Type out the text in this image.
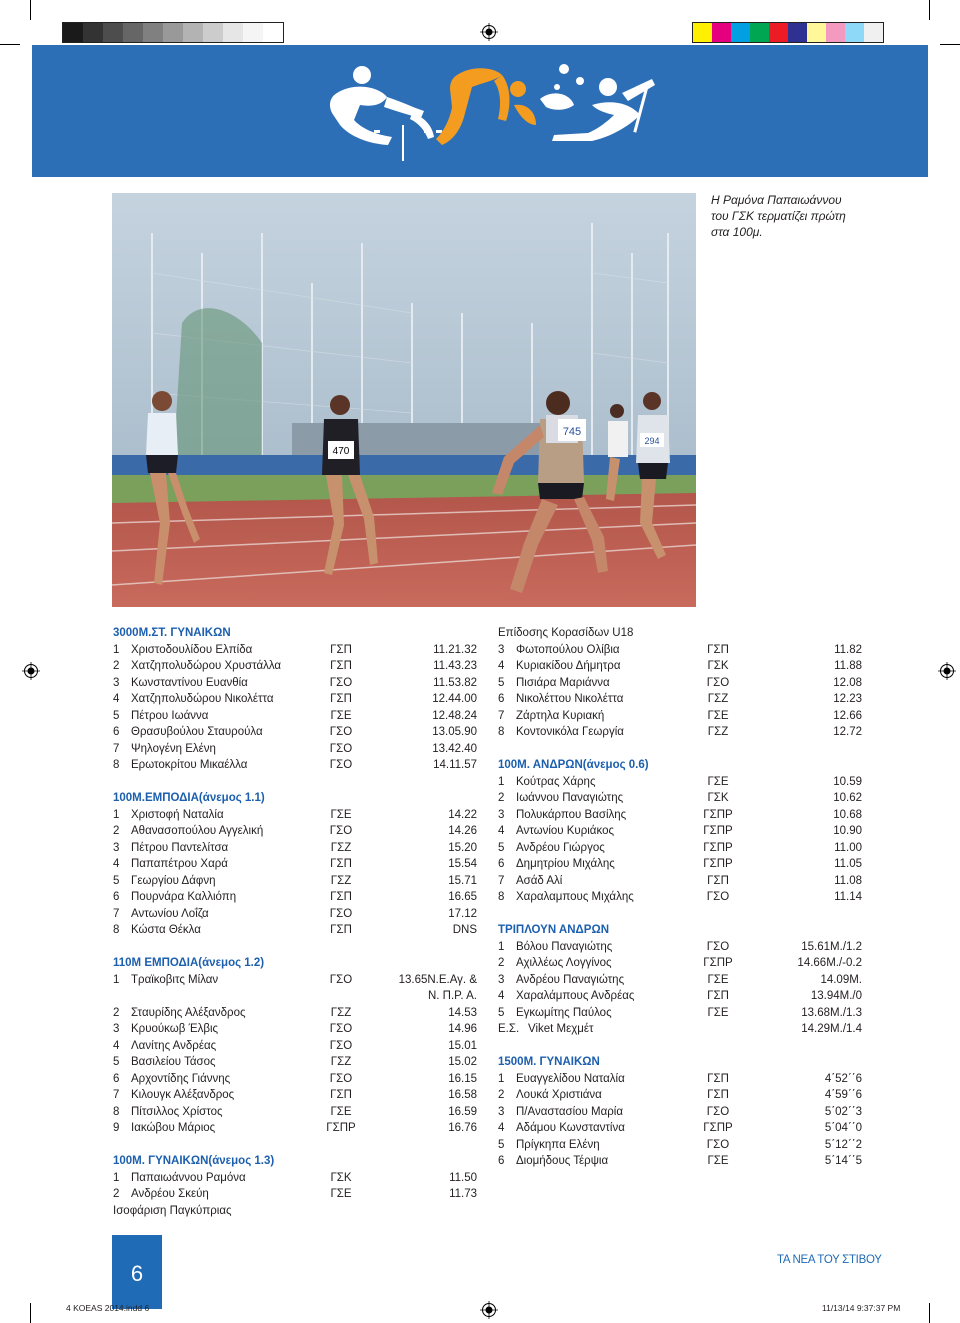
Η Ραμόνα Παπαιωάννου
του ΓΣΚ τερματίζει πρώτη
στα 100μ.
470
745
294
3000Μ.ΣΤ. ΓΥΝΑΙΚΩΝ
1 Χριστοδουλίδου Ελπίδα	ΓΣΠ	11.21.32
2 Χατζηπολυδώρου Χρυστάλλα	ΓΣΠ	11.43.23
3 Κωνσταντίνου Ευανθία	ΓΣΟ	11.53.82
4 Χατζηπολυδώρου Νικολέττα	ΓΣΠ	12.44.00
5 Πέτρου Ιωάννα	ΓΣΕ	12.48.24
6 Θρασυβούλου Σταυρούλα	ΓΣΟ	13.05.90
7 Ψηλογένη Ελένη	ΓΣΟ	13.42.40
8 Ερωτοκρίτου Μικαέλλα	ΓΣΟ	14.11.57
100Μ.ΕΜΠΟΔΙΑ(άνεμος 1.1)
1 Χριστοφή Ναταλία	ΓΣΕ	14.22
2 Αθανασοπούλου Αγγελική	ΓΣΟ	14.26
3 Πέτρου Παντελίτσα	ΓΣΖ	15.20
4 Παπαπέτρου Χαρά	ΓΣΠ	15.54
5 Γεωργίου Δάφνη	ΓΣΖ	15.71
6 Πουρνάρα Καλλιόπη	ΓΣΠ	16.65
7 Αντωνίου Λοΐζα	ΓΣΟ	17.12
8 Κώστα Θέκλα	ΓΣΠ	DNS
110Μ ΕΜΠΟΔΙΑ(άνεμος 1.2)
1 Τραϊκοβιτς Μίλαν	ΓΣΟ	13.65Ν.Ε.Αγ. &
Ν. Π.Ρ. Α.
2 Σταυρίδης Αλέξανδρος	ΓΣΖ	14.53
3 Κρυούκωβ Έλβις	ΓΣΟ	14.96
4 Λανίτης Ανδρέας	ΓΣΟ	15.01
5 Βασιλείου Τάσος	ΓΣΖ	15.02
6 Αρχοντίδης Γιάννης	ΓΣΟ	16.15
7 Κιλουγκ Αλέξανδρος	ΓΣΠ	16.58
8 Πίτσιλλος Χρίστος	ΓΣΕ	16.59
9 Ιακώβου Μάριος	ΓΣΠΡ	16.76
100Μ. ΓΥΝΑΙΚΩΝ(άνεμος 1.3)
1 Παπαιωάννου Ραμόνα	ΓΣΚ	11.50
2 Ανδρέου Σκεύη	ΓΣΕ	11.73
Ισοφάριση Παγκύπριας
Επίδοσης Κορασίδων U18
3 Φωτοπούλου Ολίβια	ΓΣΠ	11.82
4 Κυριακίδου Δήμητρα	ΓΣΚ	11.88
5 Πισιάρα Μαριάννα	ΓΣΟ	12.08
6 Νικολέττου Νικολέττα	ΓΣΖ	12.23
7 Ζάρτηλα Κυριακή	ΓΣΕ	12.66
8 Κοντονικόλα Γεωργία	ΓΣΖ	12.72
100Μ. ΑΝΔΡΩΝ(άνεμος 0.6)
1 Κούτρας Χάρης	ΓΣΕ	10.59
2 Ιωάννου Παναγιώτης	ΓΣΚ	10.62
3 Πολυκάρπου Βασίλης	ΓΣΠΡ	10.68
4 Αντωνίου Κυριάκος	ΓΣΠΡ	10.90
5 Ανδρέου Γιώργος	ΓΣΠΡ	11.00
6 Δημητρίου Μιχάλης	ΓΣΠΡ	11.05
7 Ασάδ Αλί	ΓΣΠ	11.08
8 Χαραλαμπους Μιχάλης	ΓΣΟ	11.14
ΤΡΙΠΛΟΥΝ ΑΝΔΡΩΝ
1 Βόλου Παναγιώτης	ΓΣΟ	15.61Μ./1.2
2 Αχιλλέως Λογγίνος	ΓΣΠΡ	14.66Μ./-0.2
3 Ανδρέου Παναγιώτης	ΓΣΕ	14.09Μ.
4 Χαραλάμπους Ανδρέας	ΓΣΠ	13.94Μ./0
5 Εγκωμίτης Παύλος	ΓΣΕ	13.68Μ./1.3
Ε.Σ. Viket Μεχμέτ	14.29Μ./1.4
1500Μ. ΓΥΝΑΙΚΩΝ
1 Ευαγγελίδου Ναταλία	ΓΣΠ	4΄52΄΄6
2 Λουκά Χριστιάνα	ΓΣΠ	4΄59΄΄6
3 Π/Αναστασίου Μαρία	ΓΣΟ	5΄02΄΄3
4 Αδάμου Κωνσταντίνα	ΓΣΠΡ	5΄04΄΄0
5 Πρίγκηπα Ελένη	ΓΣΟ	5΄12΄΄2
6 Διομήδους Τέρψια	ΓΣΕ	5΄14΄΄5
6
ΤΑ ΝΕΑ ΤΟΥ ΣΤΙΒΟΥ
4 KOEAS 2014.indd 6	11/13/14 9:37:37 PM
